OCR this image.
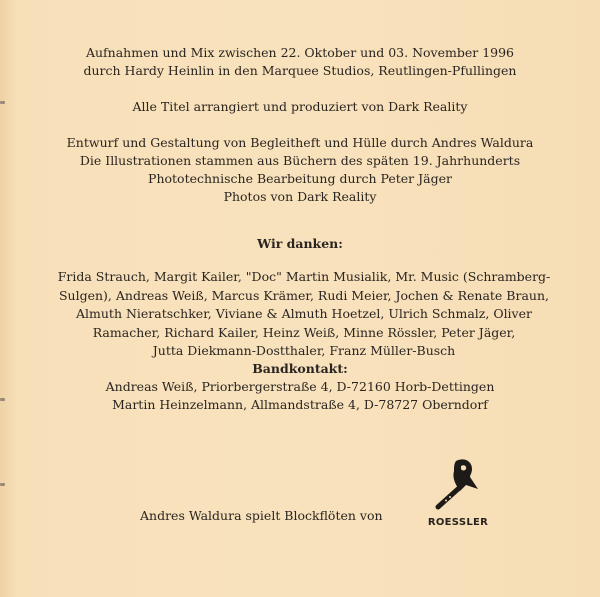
Aufnahmen und Mix zwischen 22. Oktober und 03. November 1996

durch Hardy Heinlin in den Marquee Studios, Reutlingen-Pfullingen

Alle Titel arrangiert und produziert von Dark Reality

Entwurf und Gestaltung von Begleitheft und Hülle durch Andres Waldura

Die Illustrationen stammen aus Büchern des späten 19. Jahrhunderts

Phototechnische Bearbeitung durch Peter Jäger

Photos von Dark Reality

Wir danken:

Frida Strauch, Margit Kailer, "Doc" Martin Musialik, Mr. Music (Schramberg-

Sulgen), Andreas Weiß, Marcus Krämer, Rudi Meier, Jochen & Renate Braun,

Almuth Nieratschker, Viviane & Almuth Hoetzel, Ulrich Schmalz, Oliver

Ramacher, Richard Kailer, Heinz Weiß, Minne Rössler, Peter Jäger,

Jutta Diekmann-Dostthaler, Franz Müller-Busch

Bandkontakt:

Andreas Weiß, Priorbergerstraße 4, D-72160 Horb-Dettingen

Martin Heinzelmann, Allmandstraße 4, D-78727 Oberndorf

Andres Waldura spielt Blockflöten von	ROESSLER
